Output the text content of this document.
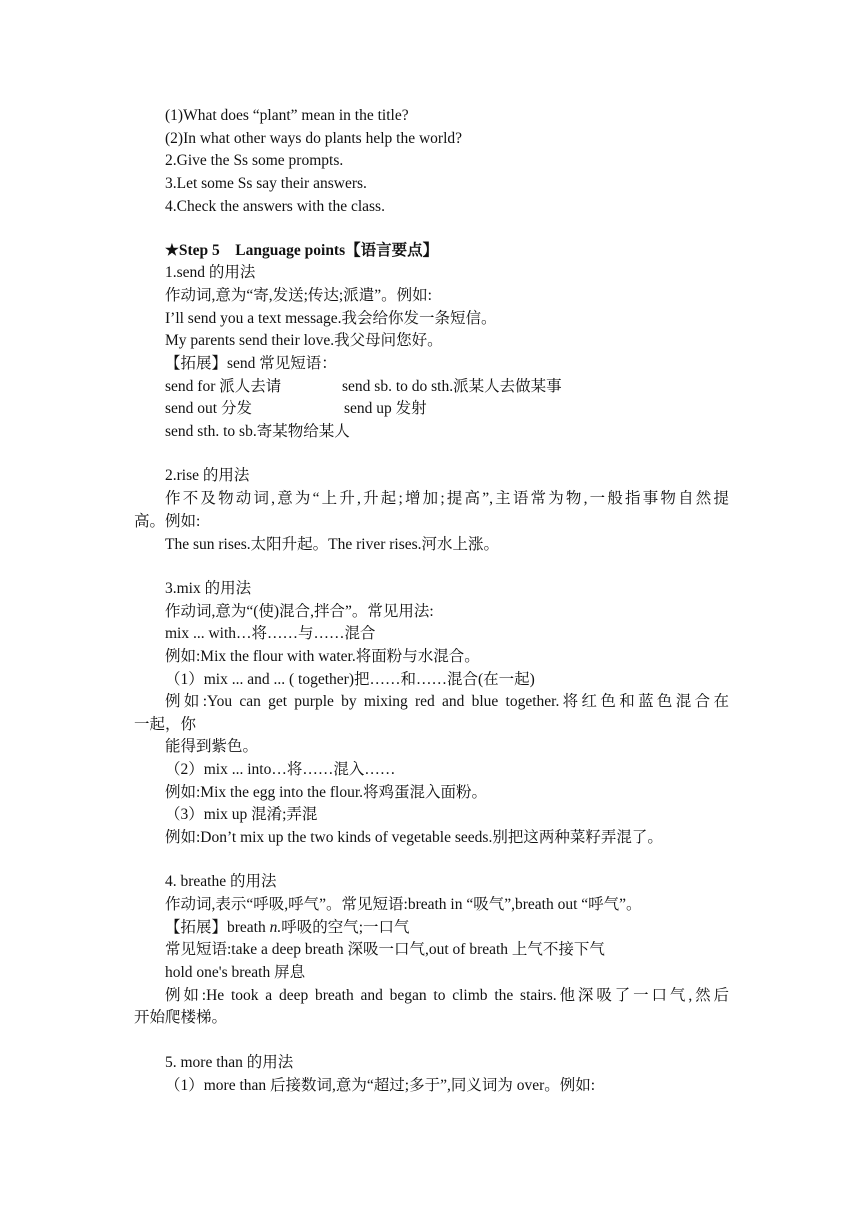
(1)What does “plant” mean in the title?
(2)In what other ways do plants help the world?
2.Give the Ss some prompts.
3.Let some Ss say their answers.
4.Check the answers with the class.
★Step 5　Language points【语言要点】
1.send 的用法
作动词,意为“寄,发送;传达;派遣”。例如:
I’ll send you a text message.我会给你发一条短信。
My parents send their love.我父母问您好。
【拓展】send 常见短语：
send for 派人去请	send sb. to do sth.派某人去做某事
send out 分发	send up 发射
send sth. to sb.寄某物给某人
2.rise 的用法
作不及物动词,意为“上升,升起;增加;提高”,主语常为物,一般指事物自然提
高。例如:
The sun rises.太阳升起。The river rises.河水上涨。
3.mix 的用法
作动词,意为“(使)混合,拌合”。常见用法:
mix ... with…将……与……混合
例如:Mix the flour with water.将面粉与水混合。
（1）mix ... and ... ( together)把……和……混合(在一起)
例如:You can get purple by mixing red and blue together.将红色和蓝色混合在
一起，你
能得到紫色。
（2）mix ... into…将……混入……
例如:Mix the egg into the flour.将鸡蛋混入面粉。
（3）mix up 混淆;弄混
例如:Don’t mix up the two kinds of vegetable seeds.别把这两种菜籽弄混了。
4. breathe 的用法
作动词,表示“呼吸,呼气”。常见短语:breath in “吸气”,breath out “呼气”。
【拓展】breath n.呼吸的空气;一口气
常见短语:take a deep breath 深吸一口气,out of breath 上气不接下气
hold one's breath 屏息
例如:He took a deep breath and began to climb the stairs.他深吸了一口气,然后
开始爬楼梯。
5. more than 的用法
（1）more than 后接数词,意为“超过;多于”,同义词为 over。例如:
